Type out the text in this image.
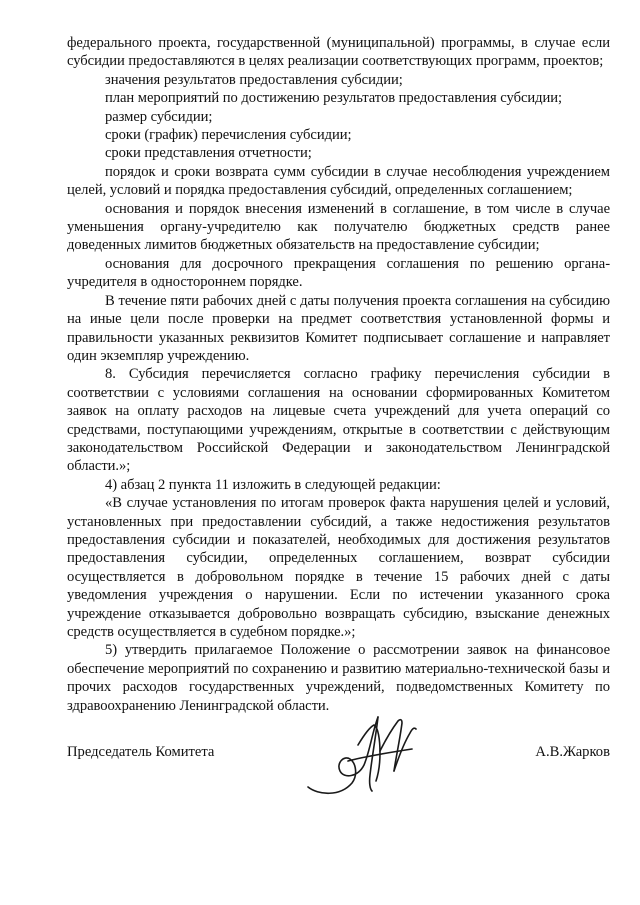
федерального проекта, государственной (муниципальной) программы, в случае если субсидии предоставляются в целях реализации соответствующих программ, проектов;

значения результатов предоставления субсидии;

план мероприятий по достижению результатов предоставления субсидии;

размер субсидии;

сроки (график) перечисления субсидии;

сроки представления отчетности;

порядок и сроки возврата сумм субсидии в случае несоблюдения учреждением целей, условий и порядка предоставления субсидий, определенных соглашением;

основания и порядок внесения изменений в соглашение, в том числе в случае уменьшения органу-учредителю как получателю бюджетных средств ранее доведенных лимитов бюджетных обязательств на предоставление субсидии;

основания для досрочного прекращения соглашения по решению органа-учредителя в одностороннем порядке.

В течение пяти рабочих дней с даты получения проекта соглашения на субсидию на иные цели после проверки на предмет соответствия установленной формы и правильности указанных реквизитов Комитет подписывает соглашение и направляет один экземпляр учреждению.

8. Субсидия перечисляется согласно графику перечисления субсидии в соответствии с условиями соглашения на основании сформированных Комитетом заявок на оплату расходов на лицевые счета учреждений для учета операций со средствами, поступающими учреждениям, открытые в соответствии с действующим законодательством Российской Федерации и законодательством Ленинградской области.»;

4) абзац 2 пункта 11 изложить в следующей редакции:

«В случае установления по итогам проверок факта нарушения целей и условий, установленных при предоставлении субсидий, а также недостижения результатов предоставления субсидии и показателей, необходимых для достижения результатов предоставления субсидии, определенных соглашением, возврат субсидии осуществляется в добровольном порядке в течение 15 рабочих дней с даты уведомления учреждения о нарушении. Если по истечении указанного срока учреждение отказывается добровольно возвращать субсидию, взыскание денежных средств осуществляется в судебном порядке.»;

5) утвердить прилагаемое Положение о рассмотрении заявок на финансовое обеспечение мероприятий по сохранению и развитию материально-технической базы и прочих расходов государственных учреждений, подведомственных Комитету по здравоохранению Ленинградской области.

Председатель Комитета	А.В.Жарков
